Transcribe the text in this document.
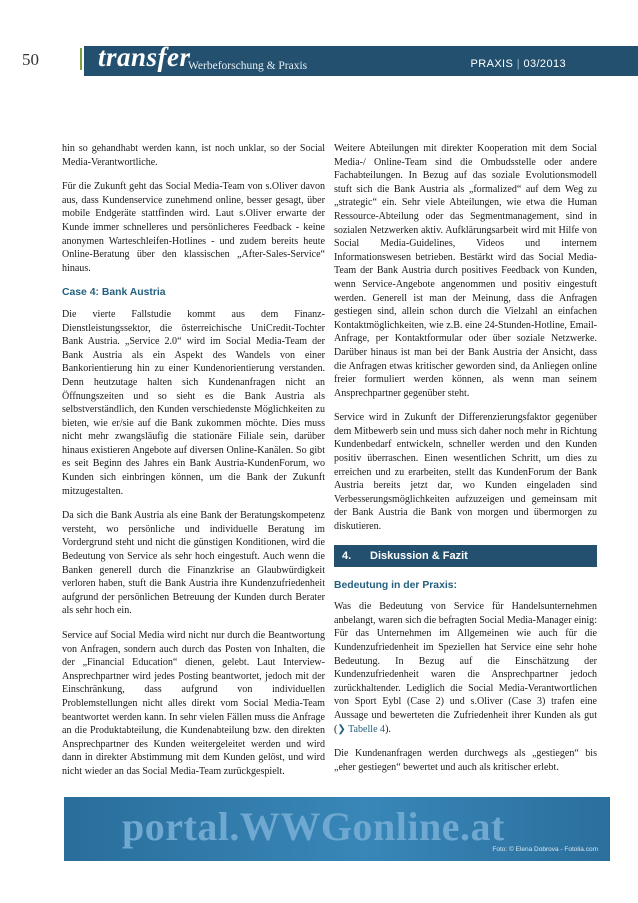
50 transfer
Werbeforschung & Praxis	PRAXIS | 03/2013

hin so gehandhabt werden kann, ist noch unklar, so der Social Media-Verantwortliche.

Für die Zukunft geht das Social Media-Team von s.Oliver davon aus, dass Kundenservice zunehmend online, besser gesagt, über mobile Endgeräte stattfinden wird. Laut s.Oliver erwarte der Kunde immer schnelleres und persönlicheres Feedback - keine anonymen Warteschleifen-Hotlines - und zudem bereits heute Online-Beratung über den klassischen „After-Sales-Service“ hinaus.

Case 4: Bank Austria

Die vierte Fallstudie kommt aus dem Finanz-Dienstleistungssektor, die österreichische UniCredit-Tochter Bank Austria. „Service 2.0“ wird im Social Media-Team der Bank Austria als ein Aspekt des Wandels von einer Bankorientierung hin zu einer Kundenorientierung verstanden. Denn heutzutage halten sich Kundenanfragen nicht an Öffnungszeiten und so sieht es die Bank Austria als selbstverständlich, den Kunden verschiedenste Möglichkeiten zu bieten, wie er/sie auf die Bank zukommen möchte. Dies muss nicht mehr zwangsläufig die stationäre Filiale sein, darüber hinaus existieren Angebote auf diversen Online-Kanälen. So gibt es seit Beginn des Jahres ein Bank Austria-KundenForum, wo Kunden sich einbringen können, um die Bank der Zukunft mitzugestalten.

Da sich die Bank Austria als eine Bank der Beratungskompetenz versteht, wo persönliche und individuelle Beratung im Vordergrund steht und nicht die günstigen Konditionen, wird die Bedeutung von Service als sehr hoch eingestuft. Auch wenn die Banken generell durch die Finanzkrise an Glaubwürdigkeit verloren haben, stuft die Bank Austria ihre Kundenzufriedenheit aufgrund der persönlichen Betreuung der Kunden durch Berater als sehr hoch ein.

Service auf Social Media wird nicht nur durch die Beantwortung von Anfragen, sondern auch durch das Posten von Inhalten, die der „Financial Education“ dienen, gelebt. Laut Interview-Ansprechpartner wird jedes Posting beantwortet, jedoch mit der Einschränkung, dass aufgrund von individuellen Problemstellungen nicht alles direkt vom Social Media-Team beantwortet werden kann. In sehr vielen Fällen muss die Anfrage an die Produktabteilung, die Kundenabteilung bzw. den direkten Ansprechpartner des Kunden weitergeleitet werden und wird dann in direkter Abstimmung mit dem Kunden gelöst, und wird nicht wieder an das Social Media-Team zurückgespielt.

Weitere Abteilungen mit direkter Kooperation mit dem Social Media-/ Online-Team sind die Ombudsstelle oder andere Fachabteilungen. In Bezug auf das soziale Evolutionsmodell stuft sich die Bank Austria als „formalized“ auf dem Weg zu „strategic“ ein. Sehr viele Abteilungen, wie etwa die Human Ressource-Abteilung oder das Segmentmanagement, sind in sozialen Netzwerken aktiv. Aufklärungsarbeit wird mit Hilfe von Social Media-Guidelines, Videos und internem Informationswesen betrieben. Bestärkt wird das Social Media-Team der Bank Austria durch positives Feedback von Kunden, wenn Service-Angebote angenommen und positiv eingestuft werden. Generell ist man der Meinung, dass die Anfragen gestiegen sind, allein schon durch die Vielzahl an einfachen Kontaktmöglichkeiten, wie z.B. eine 24-Stunden-Hotline, Email-Anfrage, per Kontaktformular oder über soziale Netzwerke. Darüber hinaus ist man bei der Bank Austria der Ansicht, dass die Anfragen etwas kritischer geworden sind, da Anliegen online freier formuliert werden können, als wenn man seinem Ansprechpartner gegenüber steht.

Service wird in Zukunft der Differenzierungsfaktor gegenüber dem Mitbewerb sein und muss sich daher noch mehr in Richtung Kundenbedarf entwickeln, schneller werden und den Kunden positiv überraschen. Einen wesentlichen Schritt, um dies zu erreichen und zu erarbeiten, stellt das KundenForum der Bank Austria bereits jetzt dar, wo Kunden eingeladen sind Verbesserungsmöglichkeiten aufzuzeigen und gemeinsam mit der Bank Austria die Bank von morgen und übermorgen zu diskutieren.

4. Diskussion & Fazit
Bedeutung in der Praxis:

Was die Bedeutung von Service für Handelsunternehmen anbelangt, waren sich die befragten Social Media-Manager einig: Für das Unternehmen im Allgemeinen wie auch für die Kundenzufriedenheit im Speziellen hat Service eine sehr hohe Bedeutung. In Bezug auf die Einschätzung der Kundenzufriedenheit waren die Ansprechpartner jedoch zurückhaltender. Lediglich die Social Media-Verantwortlichen von Sport Eybl (Case 2) und s.Oliver (Case 3) trafen eine Aussage und bewerteten die Zufriedenheit ihrer Kunden als gut (❯ Tabelle 4).

Die Kundenanfragen werden durchwegs als „gestiegen“ bis „eher gestiegen“ bewertet und auch als kritischer erlebt.

portal.WWGonline.at
Foto: © Elena Dobrova - Fotolia.com
